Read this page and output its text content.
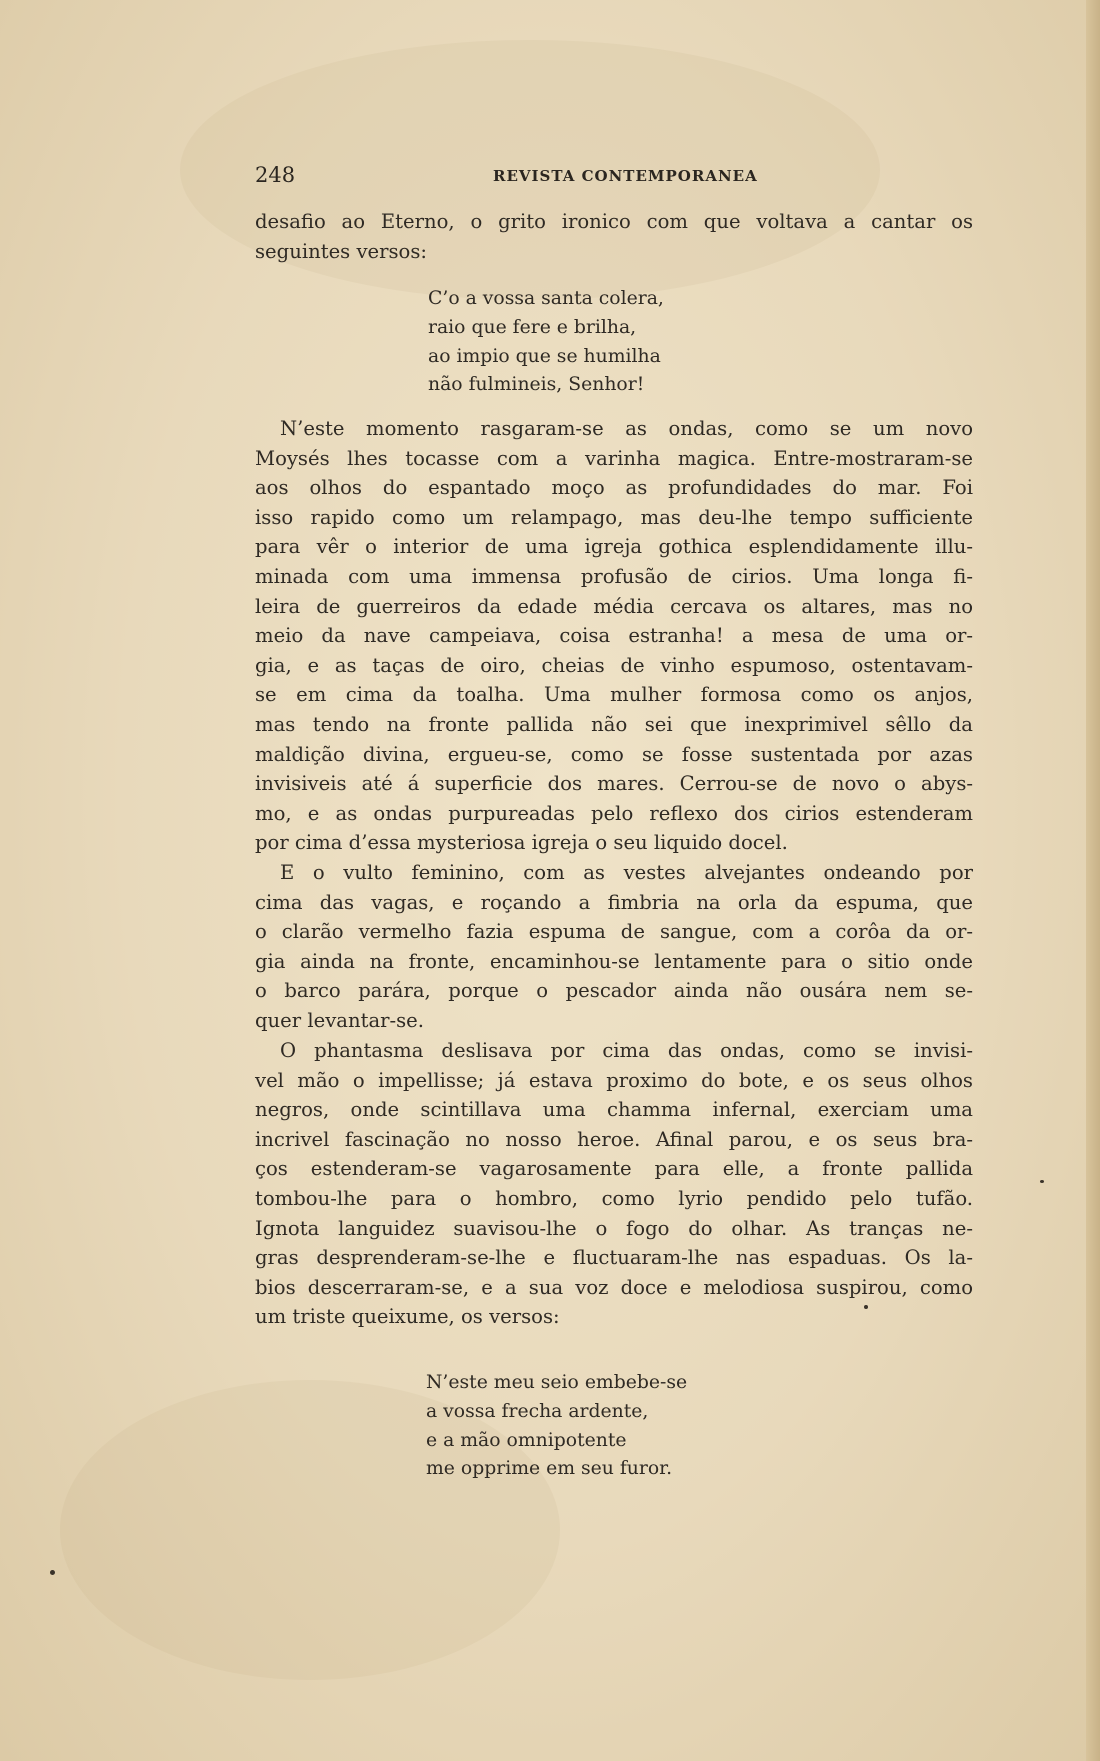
248	REVISTA CONTEMPORANEA
desafio ao Eterno, o grito ironico com que voltava a cantar os
seguintes versos:
C’o a vossa santa colera,
raio que fere e brilha,
ao impio que se humilha
não fulmineis, Senhor!
N’este momento rasgaram-se as ondas, como se um novo
Moysés lhes tocasse com a varinha magica. Entre-mostraram-se
aos olhos do espantado moço as profundidades do mar. Foi
isso rapido como um relampago, mas deu-lhe tempo sufficiente
para vêr o interior de uma igreja gothica esplendidamente illu-
minada com uma immensa profusão de cirios. Uma longa fi-
leira de guerreiros da edade média cercava os altares, mas no
meio da nave campeiava, coisa estranha! a mesa de uma or-
gia, e as taças de oiro, cheias de vinho espumoso, ostentavam-
se em cima da toalha. Uma mulher formosa como os anjos,
mas tendo na fronte pallida não sei que inexprimivel sêllo da
maldição divina, ergueu-se, como se fosse sustentada por azas
invisiveis até á superficie dos mares. Cerrou-se de novo o abys-
mo, e as ondas purpureadas pelo reflexo dos cirios estenderam
por cima d’essa mysteriosa igreja o seu liquido docel.
E o vulto feminino, com as vestes alvejantes ondeando por
cima das vagas, e roçando a fimbria na orla da espuma, que
o clarão vermelho fazia espuma de sangue, com a corôa da or-
gia ainda na fronte, encaminhou-se lentamente para o sitio onde
o barco parára, porque o pescador ainda não ousára nem se-
quer levantar-se.
O phantasma deslisava por cima das ondas, como se invisi-
vel mão o impellisse; já estava proximo do bote, e os seus olhos
negros, onde scintillava uma chamma infernal, exerciam uma
incrivel fascinação no nosso heroe. Afinal parou, e os seus bra-
ços estenderam-se vagarosamente para elle, a fronte pallida
tombou-lhe para o hombro, como lyrio pendido pelo tufão.
Ignota languidez suavisou-lhe o fogo do olhar. As tranças ne-
gras desprenderam-se-lhe e fluctuaram-lhe nas espaduas. Os la-
bios descerraram-se, e a sua voz doce e melodiosa suspirou, como
um triste queixume, os versos:
N’este meu seio embebe-se
a vossa frecha ardente,
e a mão omnipotente
me opprime em seu furor.
